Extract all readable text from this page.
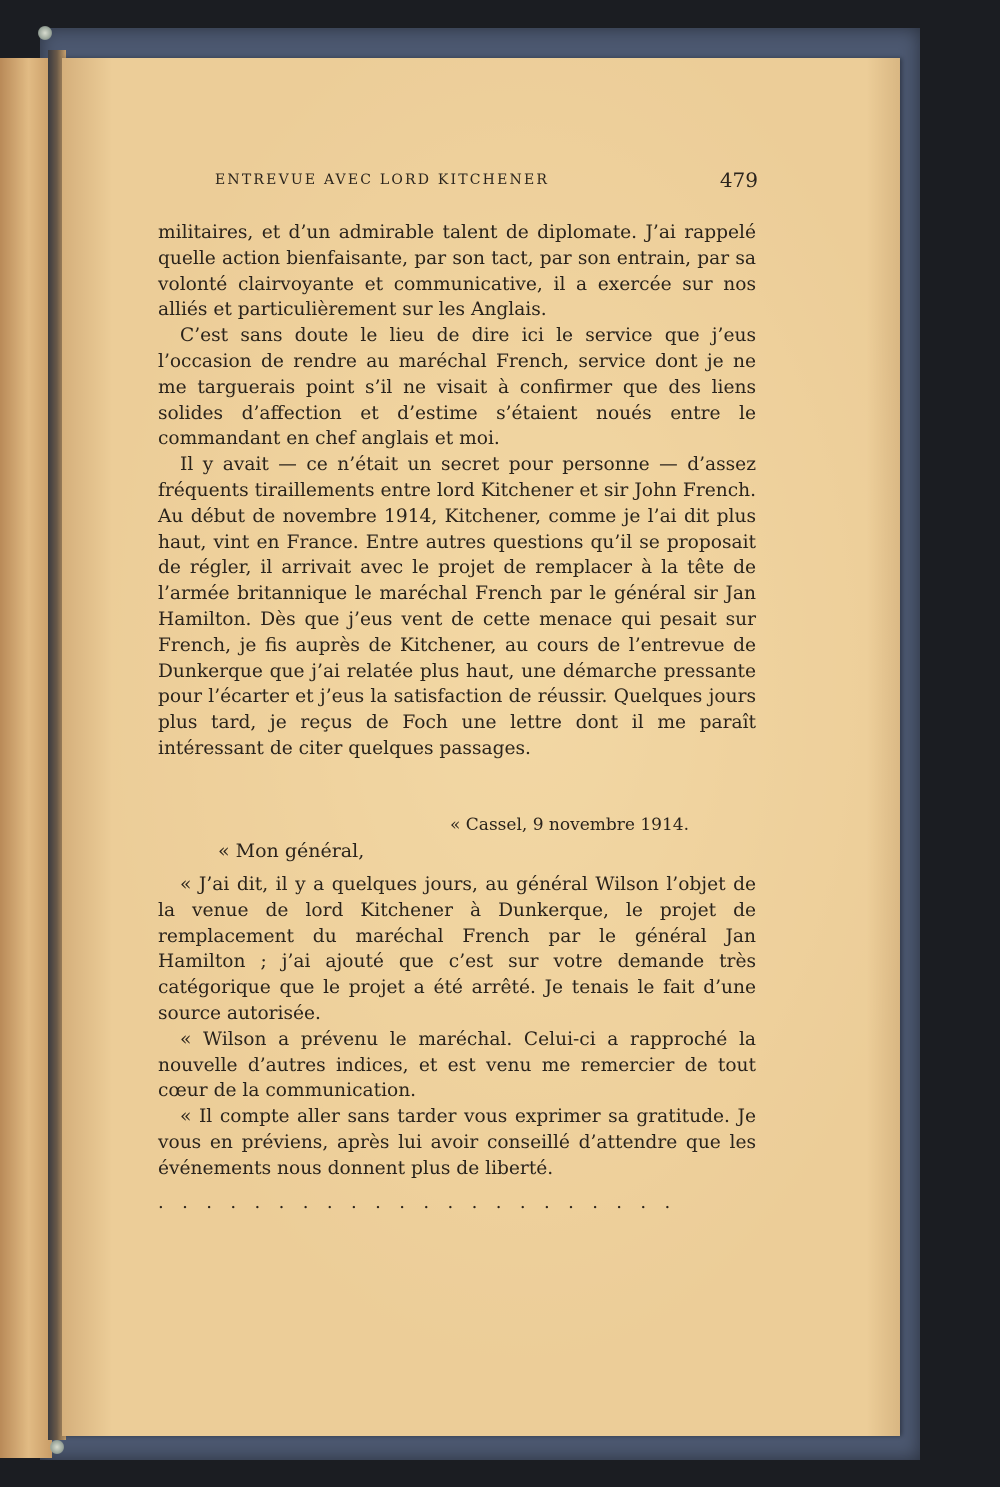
ENTREVUE AVEC LORD KITCHENER	479

militaires, et d’un admirable talent de diplomate. J’ai rappelé quelle action bienfaisante, par son tact, par son entrain, par sa volonté clairvoyante et communicative, il a exercée sur nos alliés et particulièrement sur les Anglais.

C’est sans doute le lieu de dire ici le service que j’eus l’occasion de rendre au maréchal French, service dont je ne me targuerais point s’il ne visait à confirmer que des liens solides d’affection et d’estime s’étaient noués entre le commandant en chef anglais et moi.

Il y avait — ce n’était un secret pour personne — d’assez fréquents tiraillements entre lord Kitchener et sir John French. Au début de novembre 1914, Kitchener, comme je l’ai dit plus haut, vint en France. Entre autres questions qu’il se proposait de régler, il arrivait avec le projet de remplacer à la tête de l’armée britannique le maréchal French par le général sir Jan Hamilton. Dès que j’eus vent de cette menace qui pesait sur French, je fis auprès de Kitchener, au cours de l’entrevue de Dunkerque que j’ai relatée plus haut, une démarche pressante pour l’écarter et j’eus la satisfaction de réussir. Quelques jours plus tard, je reçus de Foch une lettre dont il me paraît intéressant de citer quelques passages.

« Cassel, 9 novembre 1914.
« Mon général,

« J’ai dit, il y a quelques jours, au général Wilson l’objet de la venue de lord Kitchener à Dunkerque, le projet de remplacement du maréchal French par le général Jan Hamilton ; j’ai ajouté que c’est sur votre demande très catégorique que le projet a été arrêté. Je tenais le fait d’une source autorisée.

« Wilson a prévenu le maréchal. Celui-ci a rapproché la nouvelle d’autres indices, et est venu me remercier de tout cœur de la communication.

« Il compte aller sans tarder vous exprimer sa gratitude. Je vous en préviens, après lui avoir conseillé d’attendre que les événements nous donnent plus de liberté.

......................
